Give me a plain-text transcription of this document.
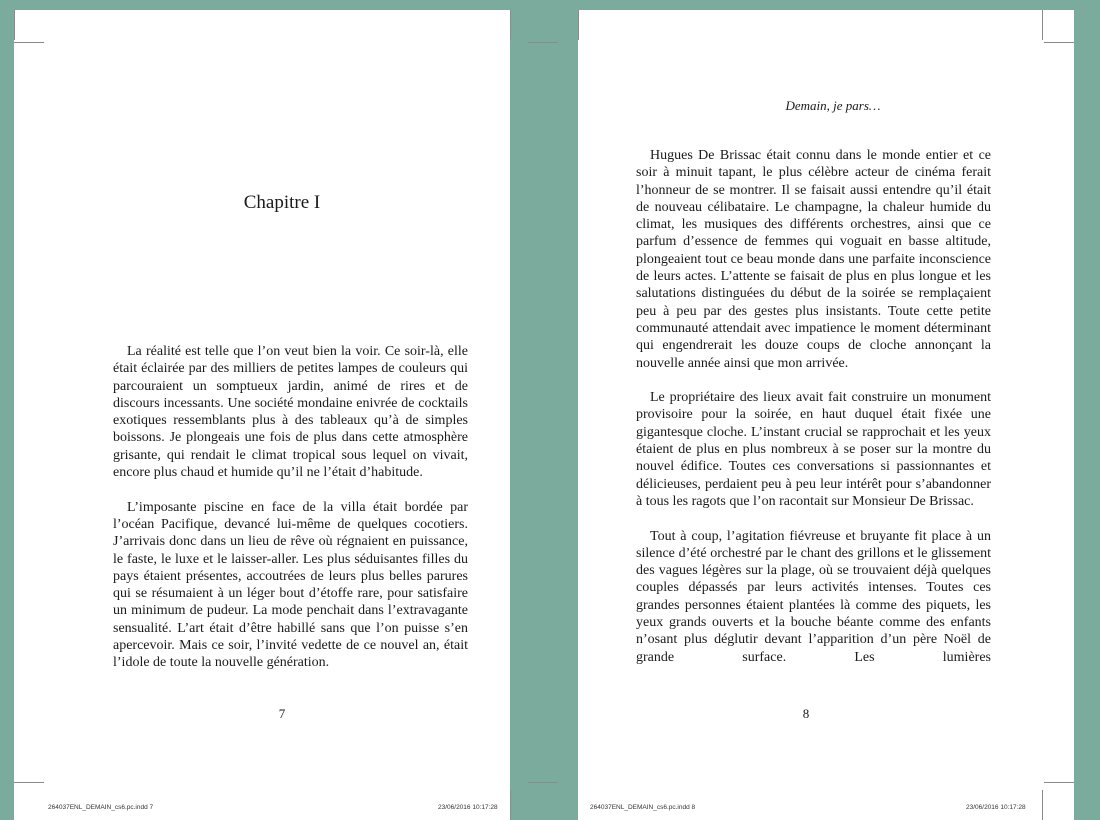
Chapitre I

La réalité est telle que l’on veut bien la voir. Ce soir-là, elle était éclairée par des milliers de petites lampes de couleurs qui parcouraient un somptueux jardin, animé de rires et de discours incessants. Une société mondaine enivrée de cocktails exotiques ressemblants plus à des tableaux qu’à de simples boissons. Je plongeais une fois de plus dans cette atmosphère grisante, qui rendait le climat tropical sous lequel on vivait, encore plus chaud et humide qu’il ne l’était d’habitude.

L’imposante piscine en face de la villa était bordée par l’océan Pacifique, devancé lui-même de quelques cocotiers. J’arrivais donc dans un lieu de rêve où régnaient en puissance, le faste, le luxe et le laisser-aller. Les plus séduisantes filles du pays étaient présentes, accoutrées de leurs plus belles parures qui se résumaient à un léger bout d’étoffe rare, pour satisfaire un minimum de pudeur. La mode penchait dans l’extravagante sensualité. L’art était d’être habillé sans que l’on puisse s’en apercevoir. Mais ce soir, l’invité vedette de ce nouvel an, était l’idole de toute la nouvelle génération.

7
264037ENL_DEMAIN_cs6.pc.indd 7	23/06/2016 10:17:28

Demain, je pars…

Hugues De Brissac était connu dans le monde entier et ce soir à minuit tapant, le plus célèbre acteur de cinéma ferait l’honneur de se montrer. Il se faisait aussi entendre qu’il était de nouveau célibataire. Le champagne, la chaleur humide du climat, les musiques des différents orchestres, ainsi que ce parfum d’essence de femmes qui voguait en basse altitude, plongeaient tout ce beau monde dans une parfaite inconscience de leurs actes. L’attente se faisait de plus en plus longue et les salutations distinguées du début de la soirée se remplaçaient peu à peu par des gestes plus insistants. Toute cette petite communauté attendait avec impatience le moment déterminant qui engendrerait les douze coups de cloche annonçant la nouvelle année ainsi que mon arrivée.

Le propriétaire des lieux avait fait construire un monument provisoire pour la soirée, en haut duquel était fixée une gigantesque cloche. L’instant crucial se rapprochait et les yeux étaient de plus en plus nombreux à se poser sur la montre du nouvel édifice. Toutes ces conversations si passionnantes et délicieuses, perdaient peu à peu leur intérêt pour s’abandonner à tous les ragots que l’on racontait sur Monsieur De Brissac.

Tout à coup, l’agitation fiévreuse et bruyante fit place à un silence d’été orchestré par le chant des grillons et le glissement des vagues légères sur la plage, où se trouvaient déjà quelques couples dépassés par leurs activités intenses. Toutes ces grandes personnes étaient plantées là comme des piquets, les yeux grands ouverts et la bouche béante comme des enfants n’osant plus déglutir devant l’apparition d’un père Noël de grande surface. Les lumières

8
264037ENL_DEMAIN_cs6.pc.indd 8	23/06/2016 10:17:28
